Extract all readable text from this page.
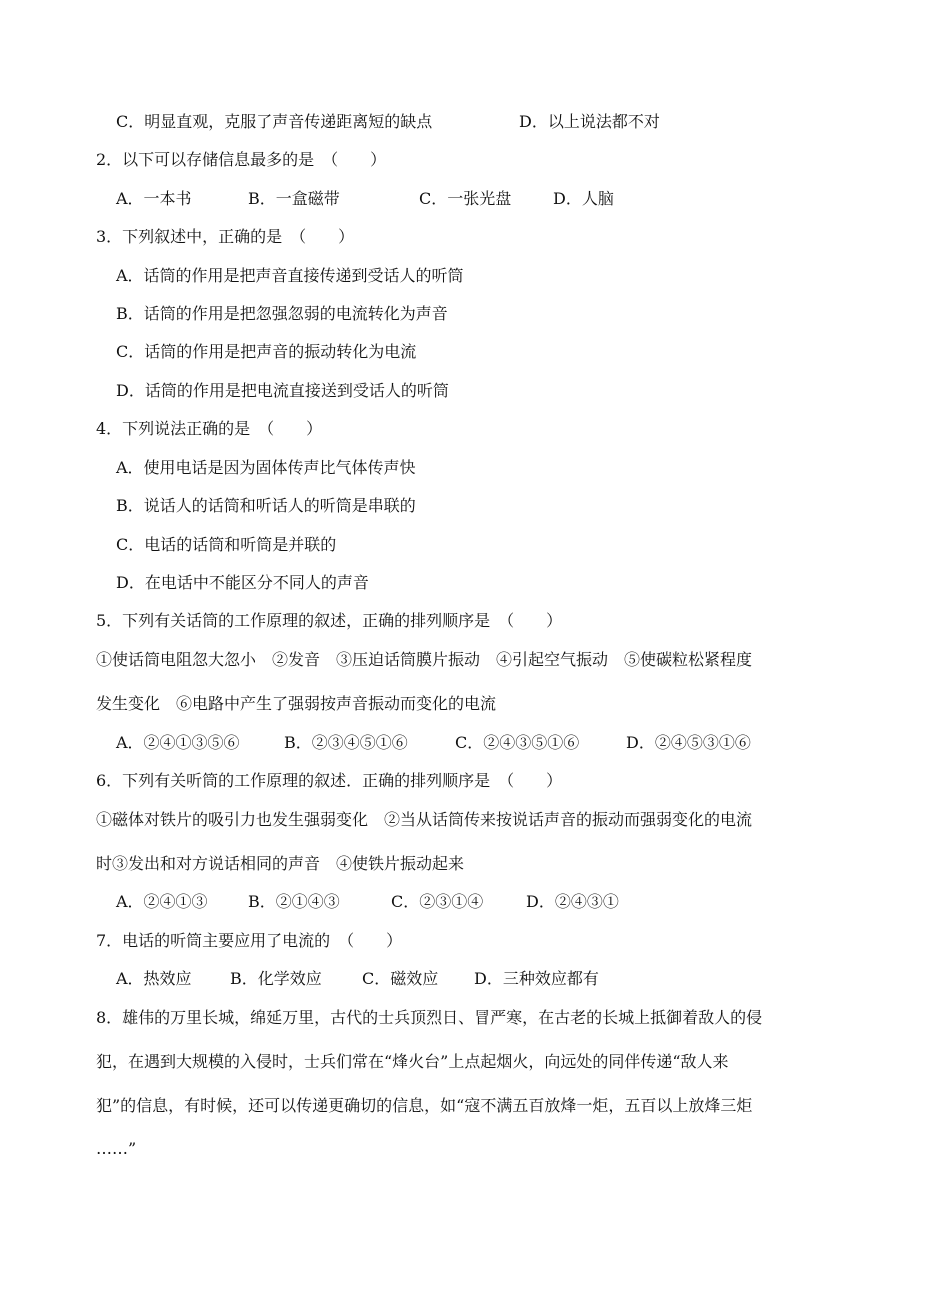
C．明显直观，克服了声音传递距离短的缺点	D．以上说法都不对
2．以下可以存储信息最多的是　（　　）
A．一本书	B．一盒磁带	C．一张光盘	D．人脑
3．下列叙述中，正确的是　（　　）
A．话筒的作用是把声音直接传递到受话人的听筒
B．话筒的作用是把忽强忽弱的电流转化为声音
C．话筒的作用是把声音的振动转化为电流
D．话筒的作用是把电流直接送到受话人的听筒
4．下列说法正确的是　（　　）
A．使用电话是因为固体传声比气体传声快
B．说话人的话筒和听话人的听筒是串联的
C．电话的话筒和听筒是并联的
D．在电话中不能区分不同人的声音
5．下列有关话筒的工作原理的叙述，正确的排列顺序是　（　　）
①使话筒电阻忽大忽小　②发音　③压迫话筒膜片振动　④引起空气振动　⑤使碳粒松紧程度
发生变化　⑥电路中产生了强弱按声音振动而变化的电流
A．②④①③⑤⑥	B．②③④⑤①⑥	C．②④③⑤①⑥	D．②④⑤③①⑥
6．下列有关听筒的工作原理的叙述．正确的排列顺序是　（　　）
①磁体对铁片的吸引力也发生强弱变化　②当从话筒传来按说话声音的振动而强弱变化的电流
时③发出和对方说话相同的声音　④使铁片振动起来
A．②④①③	B．②①④③	C．②③①④	D．②④③①
7．电话的听筒主要应用了电流的　（　　）
A．热效应 B．化学效应	C．磁效应 D．三种效应都有
8．雄伟的万里长城，绵延万里，古代的士兵顶烈日、冒严寒，在古老的长城上抵御着敌人的侵
犯，在遇到大规模的入侵时，士兵们常在“烽火台”上点起烟火，向远处的同伴传递“敌人来
犯”的信息，有时候，还可以传递更确切的信息，如“寇不满五百放烽一炬，五百以上放烽三炬
……”
